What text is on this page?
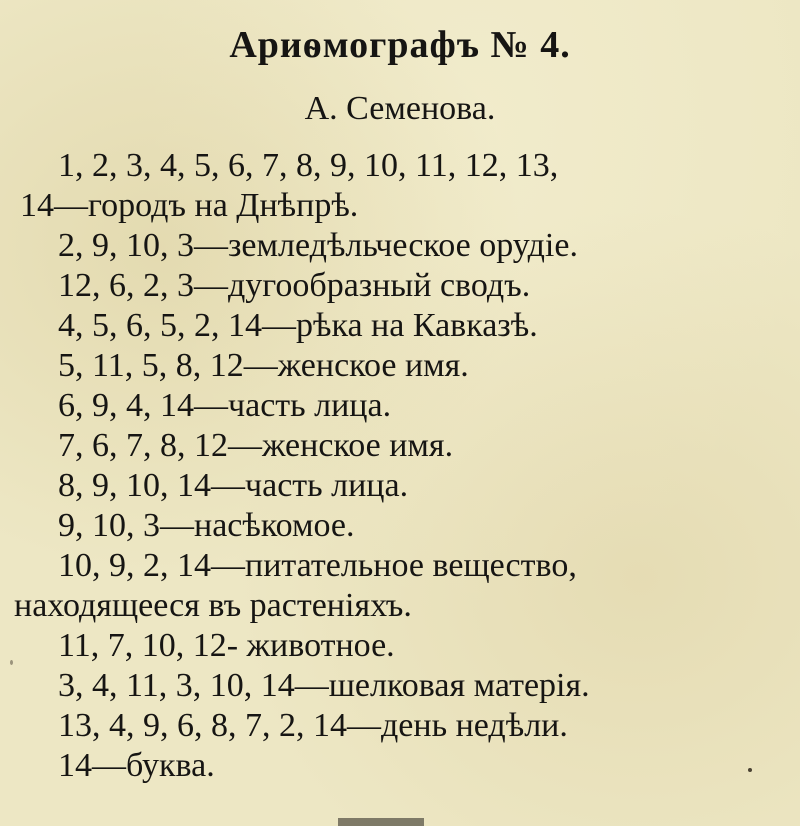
Ариѳмографъ № 4.
А. Семенова.
1, 2, 3, 4, 5, 6, 7, 8, 9, 10, 11, 12, 13,
14—городъ на Днѣпрѣ.
2, 9, 10, 3—земледѣльческое орудіе.
12, 6, 2, 3—дугообразный сводъ.
4, 5, 6, 5, 2, 14—рѣка на Кавказѣ.
5, 11, 5, 8, 12—женское имя.
6, 9, 4, 14—часть лица.
7, 6, 7, 8, 12—женское имя.
8, 9, 10, 14—часть лица.
9, 10, 3—насѣкомое.
10, 9, 2, 14—питательное вещество,
находящееся въ растеніяхъ.
11, 7, 10, 12- животное.
3, 4, 11, 3, 10, 14—шелковая матерія.
13, 4, 9, 6, 8, 7, 2, 14—день недѣли.
14—буква.
